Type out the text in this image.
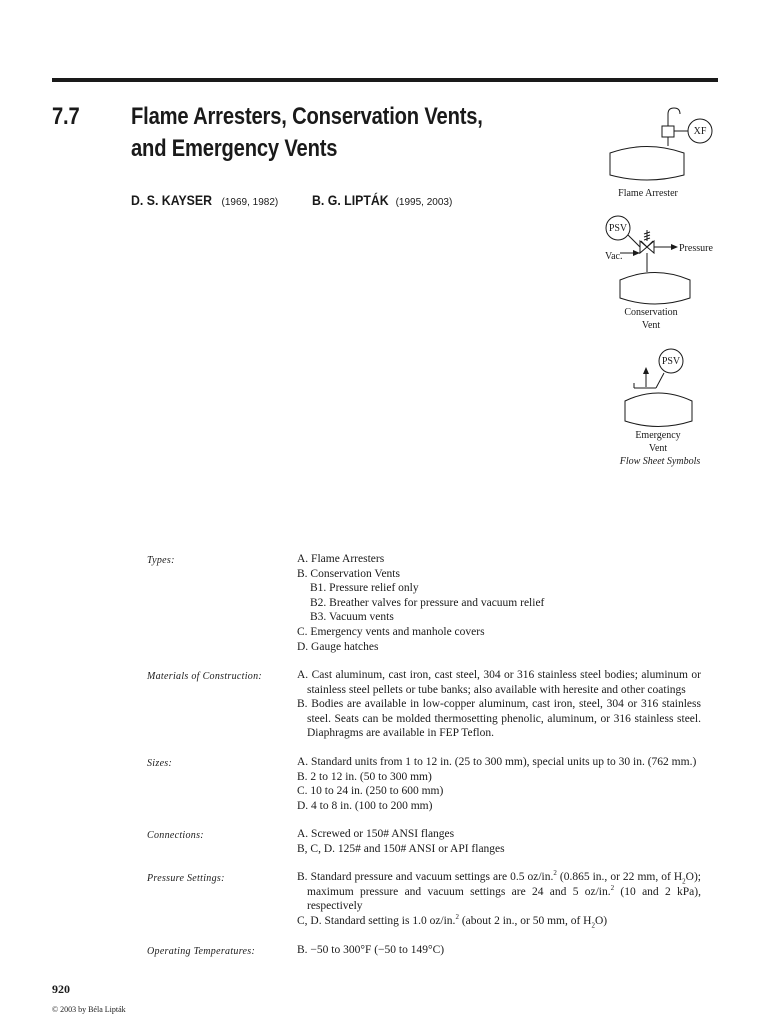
7.7 Flame Arresters, Conservation Vents,
and Emergency Vents
D. S. KAYSER (1969, 1982) B. G. LIPTÁK (1995, 2003)
XF
Flame Arrester
PSV
Pressure
Vac.
Conservation
Vent
PSV
Emergency
Vent
Flow Sheet Symbols
Types:	A. Flame Arresters
B. Conservation Vents
B1. Pressure relief only
B2. Breather valves for pressure and vacuum relief
B3. Vacuum vents
C. Emergency vents and manhole covers
D. Gauge hatches
Materials of Construction:	A. Cast aluminum, cast iron, cast steel, 304 or 316 stainless steel bodies; aluminum or stainless steel pellets or tube banks; also available with heresite and other coatings
B. Bodies are available in low-copper aluminum, cast iron, steel, 304 or 316 stainless steel. Seats can be molded thermosetting phenolic, aluminum, or 316 stainless steel. Diaphragms are available in FEP Teflon.
Sizes:	A. Standard units from 1 to 12 in. (25 to 300 mm), special units up to 30 in. (762 mm.)
B. 2 to 12 in. (50 to 300 mm)
C. 10 to 24 in. (250 to 600 mm)
D. 4 to 8 in. (100 to 200 mm)
Connections:	A. Screwed or 150# ANSI flanges
B, C, D. 125# and 150# ANSI or API flanges
Pressure Settings:	B. Standard pressure and vacuum settings are 0.5 oz/in.$^2$ (0.865 in., or 22 mm, of $H_2O$); maximum pressure and vacuum settings are 24 and 5 oz/in.$^2$ (10 and 2 kPa), respectively
C, D. Standard setting is 1.0 oz/in.$^2$ (about 2 in., or 50 mm, of $H_2O$)
Operating Temperatures:	B. −50 to 300°F (−50 to 149°C)
920
© 2003 by Béla Lipták
